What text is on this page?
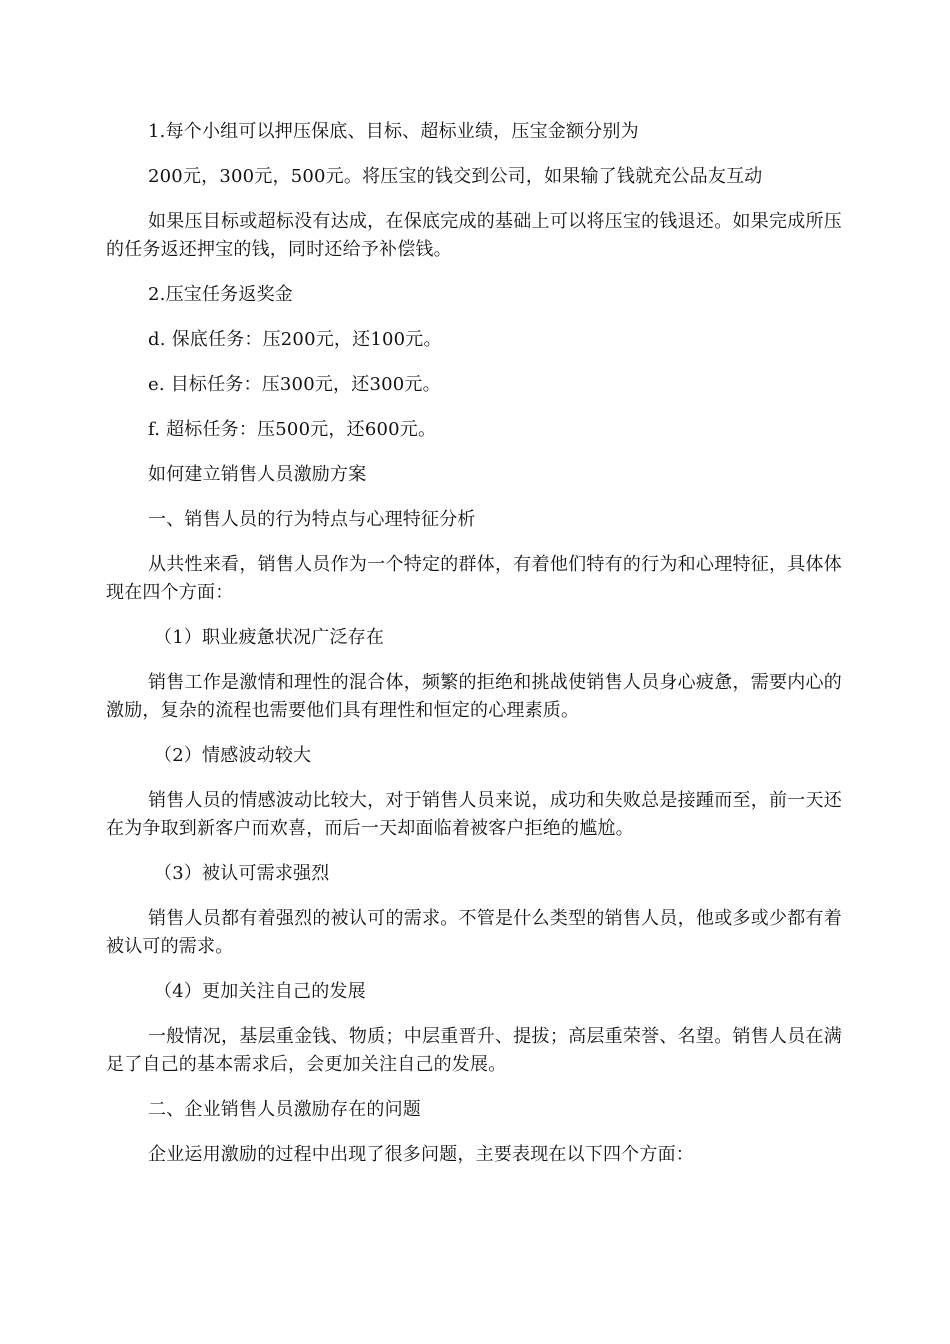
1.每个小组可以押压保底、目标、超标业绩，压宝金额分别为

200元，300元，500元。将压宝的钱交到公司，如果输了钱就充公品友互动

如果压目标或超标没有达成，在保底完成的基础上可以将压宝的钱退还。如果完成所压的任务返还押宝的钱，同时还给予补偿钱。

2.压宝任务返奖金

d. 保底任务：压200元，还100元。

e. 目标任务：压300元，还300元。

f. 超标任务：压500元，还600元。

如何建立销售人员激励方案

一、销售人员的行为特点与心理特征分析

从共性来看，销售人员作为一个特定的群体，有着他们特有的行为和心理特征，具体体现在四个方面：

（1）职业疲惫状况广泛存在

销售工作是激情和理性的混合体，频繁的拒绝和挑战使销售人员身心疲惫，需要内心的激励，复杂的流程也需要他们具有理性和恒定的心理素质。

（2）情感波动较大

销售人员的情感波动比较大，对于销售人员来说，成功和失败总是接踵而至，前一天还在为争取到新客户而欢喜，而后一天却面临着被客户拒绝的尴尬。

（3）被认可需求强烈

销售人员都有着强烈的被认可的需求。不管是什么类型的销售人员，他或多或少都有着被认可的需求。

（4）更加关注自己的发展

一般情况，基层重金钱、物质；中层重晋升、提拔；高层重荣誉、名望。销售人员在满足了自己的基本需求后，会更加关注自己的发展。

二、企业销售人员激励存在的问题

企业运用激励的过程中出现了很多问题，主要表现在以下四个方面：
